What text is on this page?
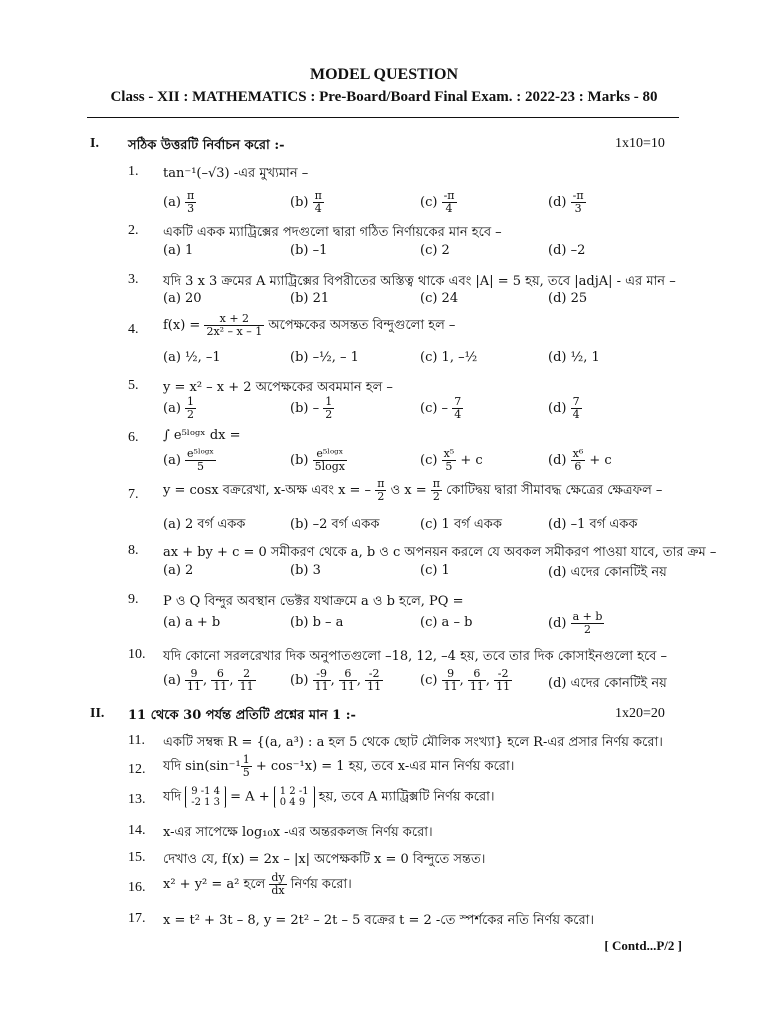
MODEL QUESTION
Class - XII : MATHEMATICS : Pre-Board/Board Final Exam. : 2022-23 : Marks - 80
I. সঠিক উত্তরটি নির্বাচন করো :-	1x10=10
1. tan⁻¹(–√3) -এর মুখ্যমান –
$(a) \frac{\pi}{3}$	$(b) \frac{\pi}{4}$	$(c) \frac{-\pi}{4}$	$(d) \frac{-\pi}{3}$
2. একটি একক ম্যাট্রিক্সের পদগুলো দ্বারা গঠিত নির্ণায়কের মান হবে –
(a) 1	(b) –1	(c) 2	(d) –2
3. যদি 3 x 3 ক্রমের A ম্যাট্রিক্সের বিপরীতের অস্তিত্ব থাকে এবং |A| = 5 হয়, তবে |adjA| - এর মান –
(a) 20	(b) 21	(c) 24	(d) 25
4. $f(x) = \frac{x + 2}{\text{2x² – x – 1}}$ অপেক্ষকের অসন্তত বিন্দুগুলো হল –
(a) ½, –1	(b) –½, – 1	(c) 1, –½	(d) ½, 1
5. y = x² – x + 2 অপেক্ষকের অবমমান হল –
$(a) \frac{1}{2}$	$(b) - \frac{1}{2}$	$(c) - \frac{7}{4}$	$(d) \frac{7}{4}$
6. ∫ e⁵ˡᵒᵍˣ dx =
$(a) \frac{\text{e⁵ˡᵒᵍˣ}}{5}$	$(b) \frac{\text{e⁵ˡᵒᵍˣ}}{5\log x}$	$(c) \frac{\text{x⁵}}{5} + c$	$(d) \frac{\text{x⁶}}{6} + c$
7. y = cosx বক্ররেখা, x-অক্ষ এবং x = – $\frac{\pi}{2}$ ও $x = \frac{\pi}{2}$ কোটিদ্বয় দ্বারা সীমাবদ্ধ ক্ষেত্রের ক্ষেত্রফল –
(a) 2 বর্গ একক	(b) –2 বর্গ একক	(c) 1 বর্গ একক	(d) –1 বর্গ একক
8. ax + by + c = 0 সমীকরণ থেকে a, b ও c অপনয়ন করলে যে অবকল সমীকরণ পাওয়া যাবে, তার ক্রম –
(a) 2	(b) 3	(c) 1	(d) এদের কোনটিই নয়
9. P ও Q বিন্দুর অবস্থান ভেক্টর যথাক্রমে a ও b হলে, PQ =
(a) a + b	(b) b – a	(c) a – b	$(d) \frac{a + b}{2}$
10. যদি কোনো সরলরেখার দিক অনুপাতগুলো –18, 12, –4 হয়, তবে তার দিক কোসাইনগুলো হবে –
$(a) \frac{9}{11}$ , $\frac{6}{11}$ , $\frac{2}{11}$	$(b) \frac{-9}{11}$ , $\frac{6}{11}$ , $\frac{-2}{11}$	$(c) \frac{9}{11}$ , $\frac{6}{11}$ , $\frac{-2}{11}$	(d) এদের কোনটিই নয়
II. 11 থেকে 30 পর্যন্ত প্রতিটি প্রশ্নের মান 1 :-	1x20=20
11. একটি সম্বন্ধ R = {(a, a³) : a হল 5 থেকে ছোট মৌলিক সংখ্যা} হলে R-এর প্রসার নির্ণয় করো।
12. যদি $\sin(\sin^{-1} \frac{1}{5} + \cos^{-1}x) = 1$ হয়, তবে x-এর মান নির্ণয় করো।
13. যদি 9 -1 4
-2 1 3 = A + 1 2 -1
0 4 9 হয়, তবে A ম্যাট্রিক্সটি নির্ণয় করো।
14. x-এর সাপেক্ষে log₁₀x -এর অন্তরকলজ নির্ণয় করো।
15. দেখাও যে, f(x) = 2x – |x| অপেক্ষকটি x = 0 বিন্দুতে সন্তত।
16. x² + y² = a² হলে $\frac{dy}{dx}$ নির্ণয় করো।
17. x = t² + 3t – 8, y = 2t² – 2t – 5 বক্রের t = 2 -তে স্পর্শকের নতি নির্ণয় করো।
[ Contd...P/2 ]
